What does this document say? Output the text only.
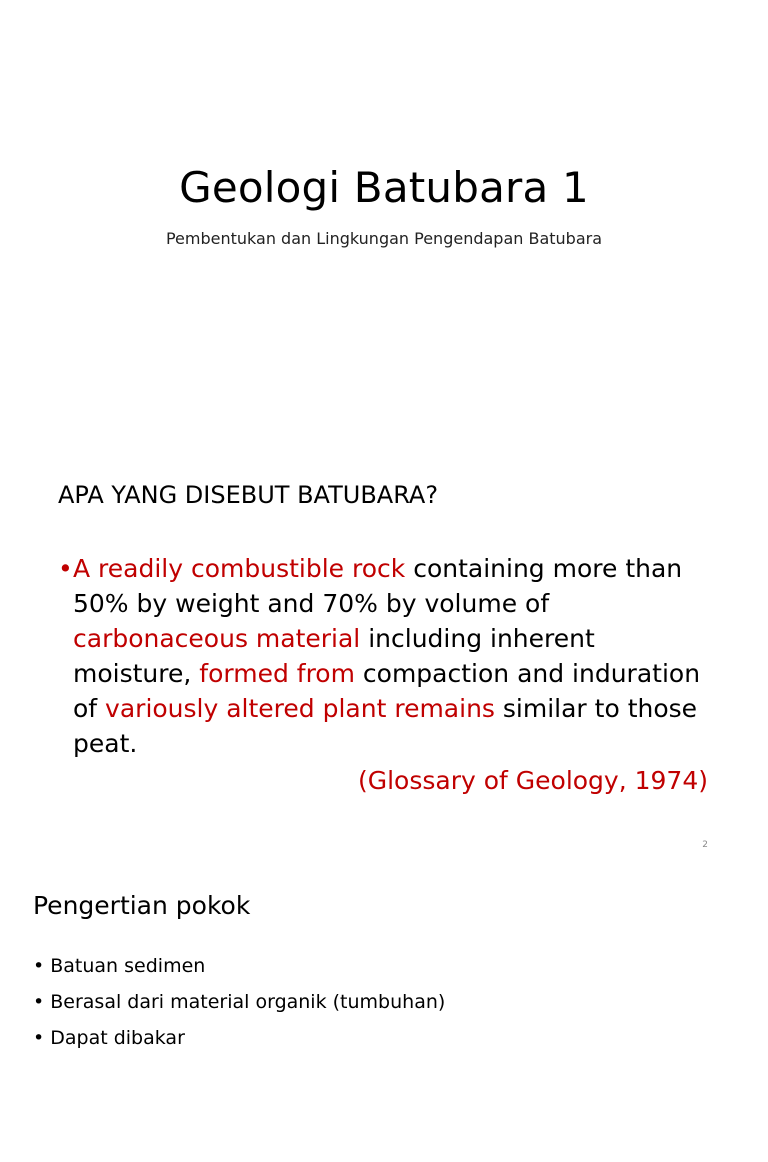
Geologi Batubara 1
Pembentukan dan Lingkungan Pengendapan Batubara
APA YANG DISEBUT BATUBARA?
• A readily combustible rock containing more than 50% by weight and 70% by volume of carbonaceous material including inherent moisture, formed from compaction and induration of variously altered plant remains similar to those peat.
(Glossary of Geology, 1974)
2
Pengertian pokok
• Batuan sedimen
• Berasal dari material organik (tumbuhan)
• Dapat dibakar
